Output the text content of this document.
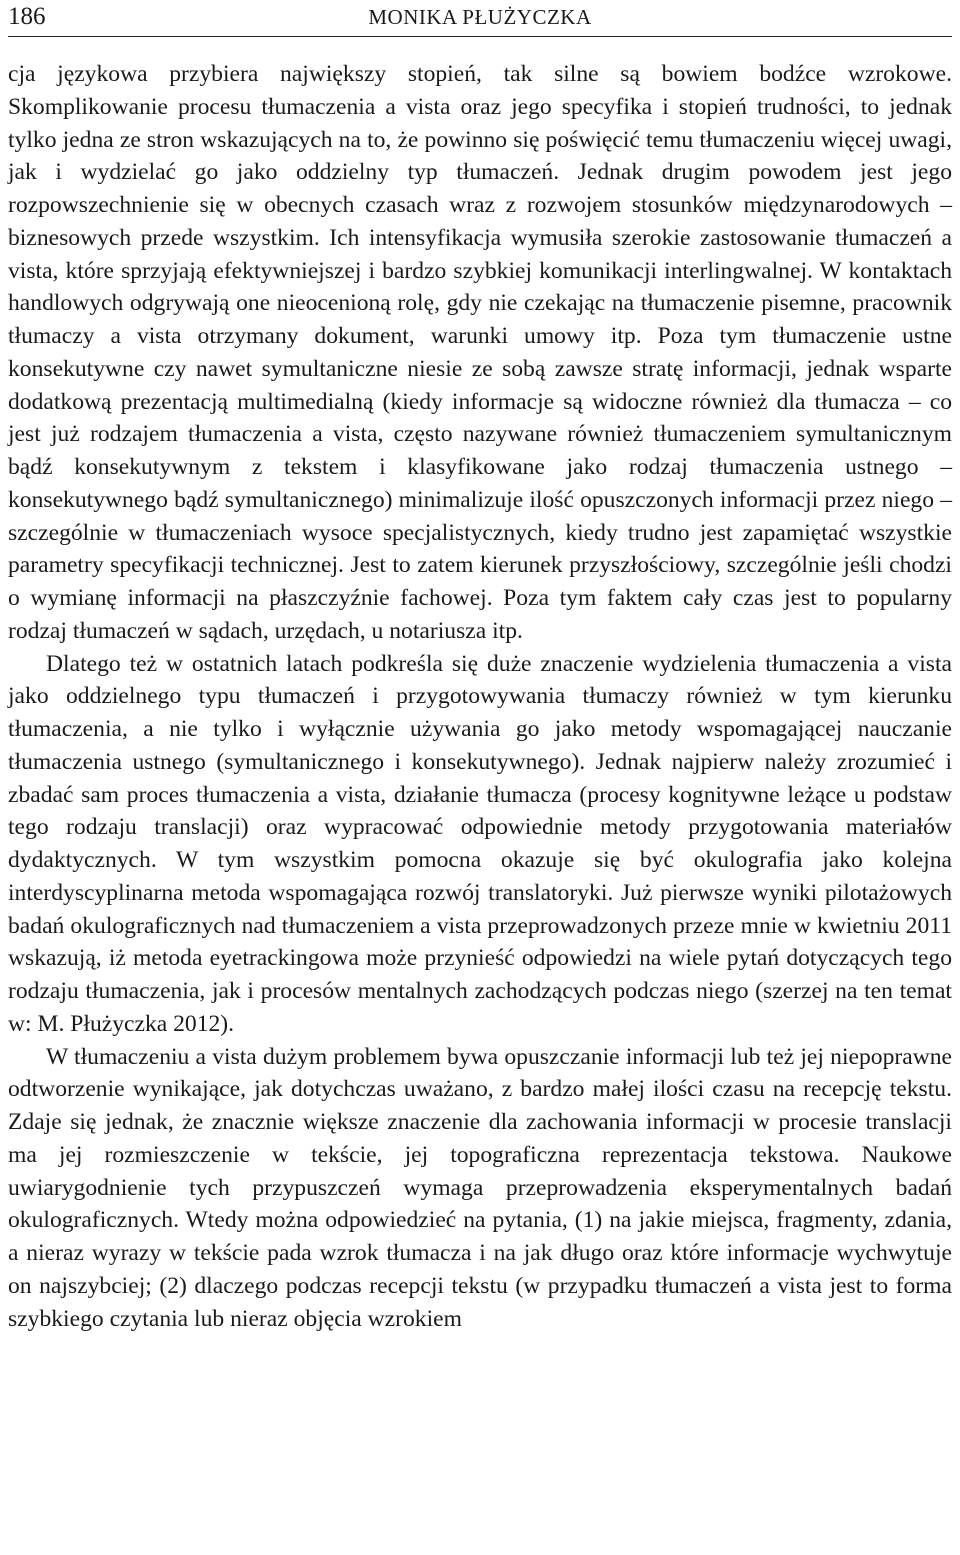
186	MONIKA PŁUŻYCZKA

cja językowa przybiera największy stopień, tak silne są bowiem bodźce wzrokowe. Skomplikowanie procesu tłumaczenia a vista oraz jego specyfika i stopień trudności, to jednak tylko jedna ze stron wskazujących na to, że powinno się poświęcić temu tłumaczeniu więcej uwagi, jak i wydzielać go jako oddzielny typ tłumaczeń. Jednak drugim powodem jest jego rozpowszechnienie się w obecnych czasach wraz z rozwojem stosunków międzynarodowych – biznesowych przede wszystkim. Ich intensyfikacja wymusiła szerokie zastosowanie tłumaczeń a vista, które sprzyjają efektywniejszej i bardzo szybkiej komunikacji interlingwalnej. W kontaktach handlowych odgrywają one nieocenioną rolę, gdy nie czekając na tłumaczenie pisemne, pracownik tłumaczy a vista otrzymany dokument, warunki umowy itp. Poza tym tłumaczenie ustne konsekutywne czy nawet symultaniczne niesie ze sobą zawsze stratę informacji, jednak wsparte dodatkową prezentacją multimedialną (kiedy informacje są widoczne również dla tłumacza – co jest już rodzajem tłumaczenia a vista, często nazywane również tłumaczeniem symultanicznym bądź konsekutywnym z tekstem i klasyfikowane jako rodzaj tłumaczenia ustnego – konsekutywnego bądź symultanicznego) minimalizuje ilość opuszczonych informacji przez niego – szczególnie w tłumaczeniach wysoce specjalistycznych, kiedy trudno jest zapamiętać wszystkie parametry specyfikacji technicznej. Jest to zatem kierunek przyszłościowy, szczególnie jeśli chodzi o wymianę informacji na płaszczyźnie fachowej. Poza tym faktem cały czas jest to popularny rodzaj tłumaczeń w sądach, urzędach, u notariusza itp.

Dlatego też w ostatnich latach podkreśla się duże znaczenie wydzielenia tłumaczenia a vista jako oddzielnego typu tłumaczeń i przygotowywania tłumaczy również w tym kierunku tłumaczenia, a nie tylko i wyłącznie używania go jako metody wspomagającej nauczanie tłumaczenia ustnego (symultanicznego i konsekutywnego). Jednak najpierw należy zrozumieć i zbadać sam proces tłumaczenia a vista, działanie tłumacza (procesy kognitywne leżące u podstaw tego rodzaju translacji) oraz wypracować odpowiednie metody przygotowania materiałów dydaktycznych. W tym wszystkim pomocna okazuje się być okulografia jako kolejna interdyscyplinarna metoda wspomagająca rozwój translatoryki. Już pierwsze wyniki pilotażowych badań okulograficznych nad tłumaczeniem a vista przeprowadzonych przeze mnie w kwietniu 2011 wskazują, iż metoda eyetrackingowa może przynieść odpowiedzi na wiele pytań dotyczących tego rodzaju tłumaczenia, jak i procesów mentalnych zachodzących podczas niego (szerzej na ten temat w: M. Płużyczka 2012).

W tłumaczeniu a vista dużym problemem bywa opuszczanie informacji lub też jej niepoprawne odtworzenie wynikające, jak dotychczas uważano, z bardzo małej ilości czasu na recepcję tekstu. Zdaje się jednak, że znacznie większe znaczenie dla zachowania informacji w procesie translacji ma jej rozmieszczenie w tekście, jej topograficzna reprezentacja tekstowa. Naukowe uwiarygodnienie tych przypuszczeń wymaga przeprowadzenia eksperymentalnych badań okulograficznych. Wtedy można odpowiedzieć na pytania, (1) na jakie miejsca, fragmenty, zdania, a nieraz wyrazy w tekście pada wzrok tłumacza i na jak długo oraz które informacje wychwytuje on najszybciej; (2) dlaczego podczas recepcji tekstu (w przypadku tłumaczeń a vista jest to forma szybkiego czytania lub nieraz objęcia wzrokiem
